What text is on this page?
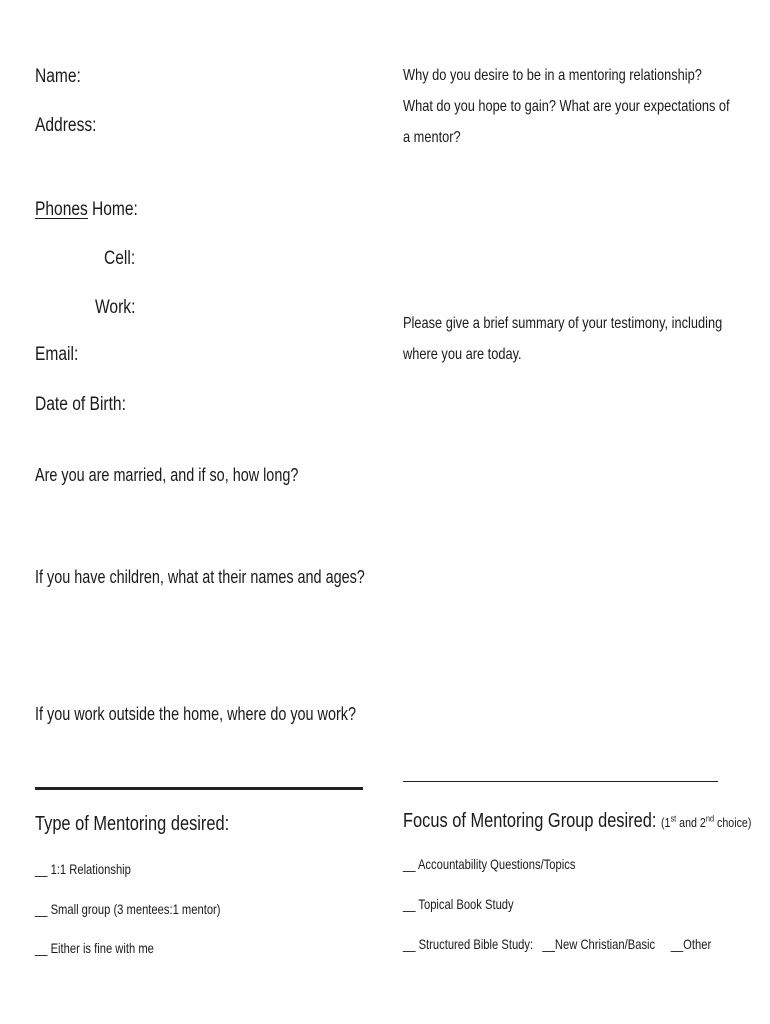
Name:
Address:
Phones Home:
Cell:
Work:
Email:
Date of Birth:
Are you are married, and if so, how long?
If you have children, what at their names and ages?
If you work outside the home, where do you work?
Why do you desire to be in a mentoring relationship? What do you hope to gain? What are your expectations of a mentor?
Please give a brief summary of your testimony, including where you are today.
Type of Mentoring desired:
__ 1:1 Relationship
__ Small group (3 mentees:1 mentor)
__ Either is fine with me
Focus of Mentoring Group desired: (1st and 2nd choice)
__ Accountability Questions/Topics
__ Topical Book Study
__ Structured Bible Study: __New Christian/Basic __Other
